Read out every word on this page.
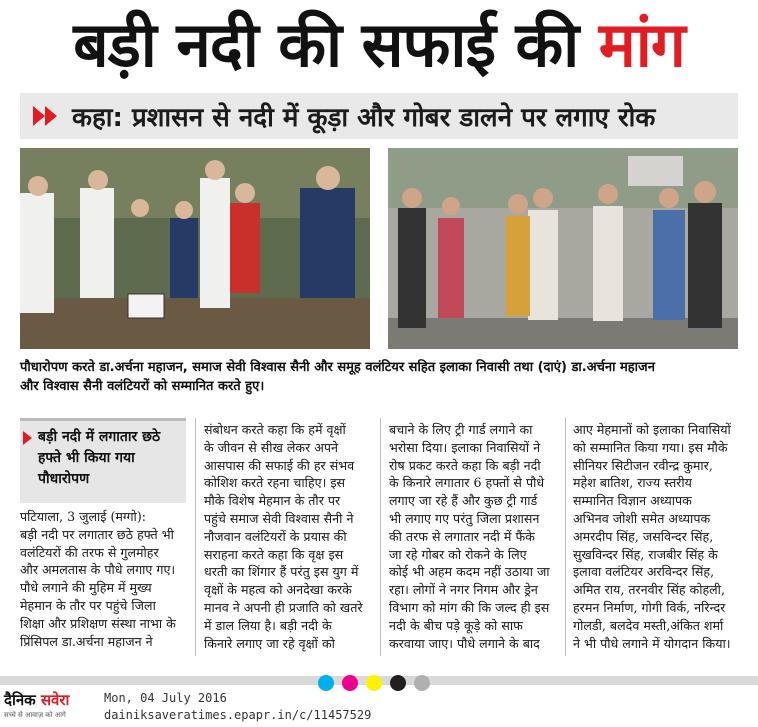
बड़ी नदी की सफाई की मांग
कहा: प्रशासन से नदी में कूड़ा और गोबर डालने पर लगाए रोक
पौधारोपण करते डा.अर्चना महाजन, समाज सेवी विश्वास सैनी और समूह वलंटियर सहित इलाका निवासी तथा (दाएं) डा.अर्चना महाजन
और विश्वास सैनी वलंटियरों को सम्मानित करते हुए।
बड़ी नदी में लगातार छठे
हफ्ते भी किया गया
पौधारोपण
पटियाला, 3 जुलाई (मग्गो):
बड़ी नदी पर लगातार छठे हफ्ते भी
वलंटियरों की तरफ से गुलमोहर
और अमलतास के पौधे लगाए गए।
पौधे लगाने की मुहिम में मुख्य
मेहमान के तौर पर पहुंचे जिला
शिक्षा और प्रशिक्षण संस्था नाभा के
प्रिंसिपल डा.अर्चना महाजन ने
संबोधन करते कहा कि हमें वृक्षों
के जीवन से सीख लेकर अपने
आसपास की सफाई की हर संभव
कोशिश करते रहना चाहिए। इस
मौके विशेष मेहमान के तौर पर
पहुंचे समाज सेवी विश्वास सैनी ने
नौजवान वलंटियरों के प्रयास की
सराहना करते कहा कि वृक्ष इस
धरती का शिंगार हैं परंतु इस युग में
वृक्षों के महत्व को अनदेखा करके
मानव ने अपनी ही प्रजाति को खतरे
में डाल लिया है। बड़ी नदी के
किनारे लगाए जा रहे वृक्षों को
बचाने के लिए ट्री गार्ड लगाने का
भरोसा दिया। इलाका निवासियों ने
रोष प्रकट करते कहा कि बड़ी नदी
के किनारे लगातार 6 हफ्तों से पौधे
लगाए जा रहे हैं और कुछ ट्री गार्ड
भी लगाए गए परंतु जिला प्रशासन
की तरफ से लगातार नदी में फैंके
जा रहे गोबर को रोकने के लिए
कोई भी अहम कदम नहीं उठाया जा
रहा। लोगों ने नगर निगम और ड्रेन
विभाग को मांग की कि जल्द ही इस
नदी के बीच पड़े कूड़े को साफ
करवाया जाए। पौधे लगाने के बाद
आए मेहमानों को इलाका निवासियों
को सम्मानित किया गया। इस मौके
सीनियर सिटीजन रवीन्द्र कुमार,
महेश बातिश, राज्य स्तरीय
सम्मानित विज्ञान अध्यापक
अभिनव जोशी समेत अध्यापक
अमरदीप सिंह, जसविन्दर सिंह,
सुखविन्दर सिंह, राजबीर सिंह के
इलावा वलंटियर अरविन्दर सिंह,
अमित राय, तरनवीर सिंह कोहली,
हरमन निर्माण, गोगी विर्क, नरिन्दर
गोलडी, बलदेव मस्ती,अंकित शर्मा
ने भी पौधे लगाने में योगदान किया।
दैनिक सवेरा
सच्चे से आवाज़ को आगे
Mon, 04 July 2016
dainiksaveratimes.epapr.in/c/11457529
